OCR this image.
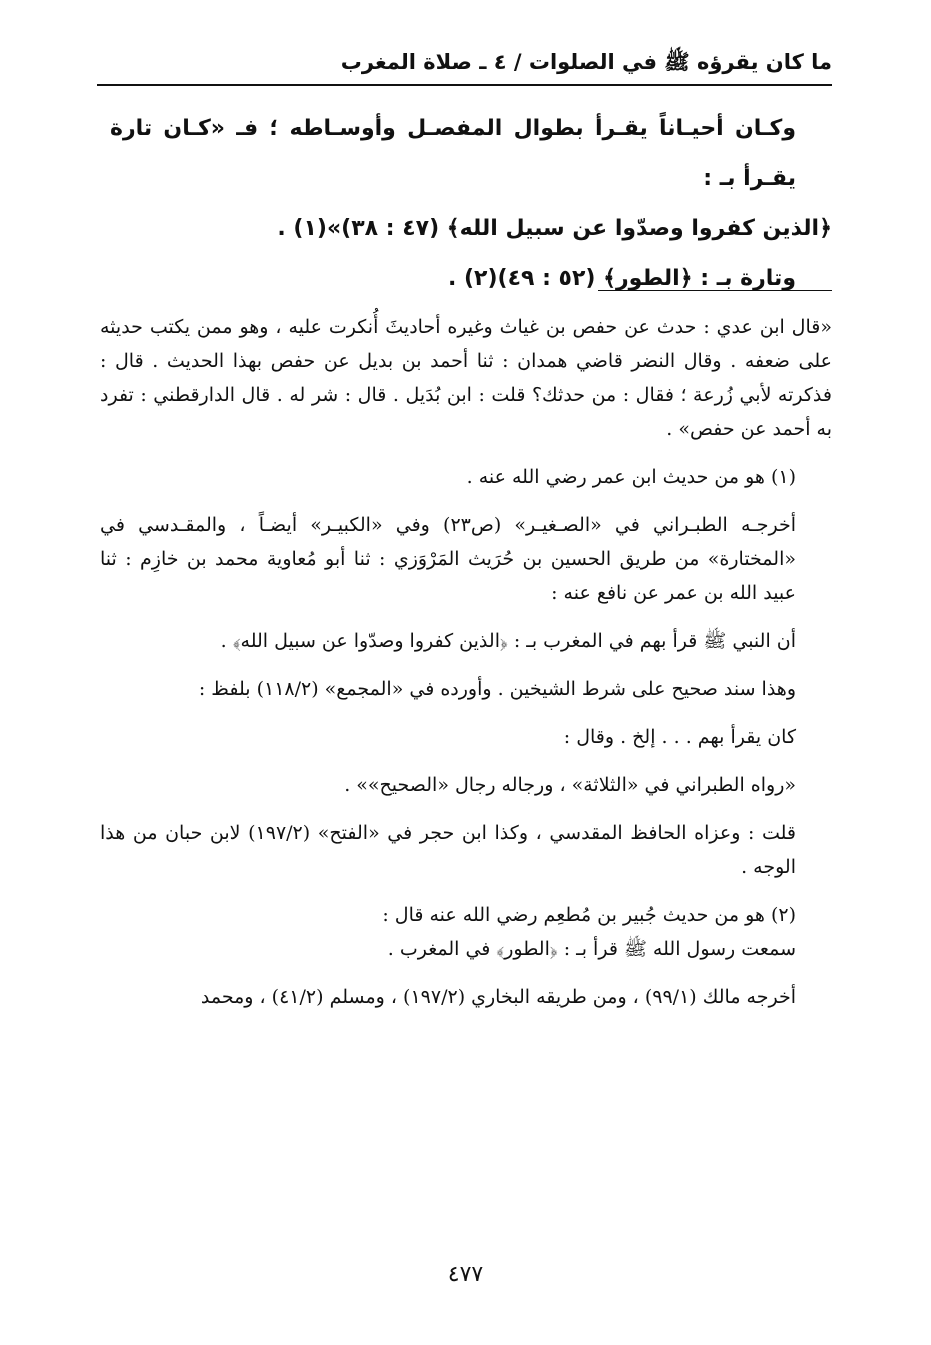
ما كان يقرؤه ﷺ في الصلوات / ٤ ـ صلاة المغرب

وكـان أحيـاناً يقـرأ بطوال المفصـل وأوسـاطه ؛ فـ «كـان تارة يقـرأ بـ :

﴿الذين كفروا وصدّوا عن سبيل الله﴾ (٤٧ : ٣٨)»(١) .

وتارة بـ : ﴿الطور﴾ (٥٢ : ٤٩)(٢) .

«قال ابن عدي : حدث عن حفص بن غياث وغيره أحاديثَ أُنكرت عليه ، وهو ممن يكتب حديثه على ضعفه . وقال النضر قاضي همدان : ثنا أحمد بن بديل عن حفص بهذا الحديث . قال : فذكرته لأبي زُرعة ؛ فقال : من حدثك؟ قلت : ابن بُدَيل . قال : شر له . قال الدارقطني : تفرد به أحمد عن حفص» .

(١) هو من حديث ابن عمر رضي الله عنه .

أخرجـه الطبـراني في «الصـغيـر» (ص٢٣) وفي «الكبيـر» أيضـاً ، والمقـدسي في «المختارة» من طريق الحسين بن حُرَيث المَرْوَزي : ثنا أبو مُعاوية محمد بن خازِم : ثنا عبيد الله بن عمر عن نافع عنه :

أن النبي ﷺ قرأ بهم في المغرب بـ : ﴿الذين كفروا وصدّوا عن سبيل الله﴾ .

وهذا سند صحيح على شرط الشيخين . وأورده في «المجمع» (١١٨/٢) بلفظ :

كان يقرأ بهم . . . إلخ . وقال :

«رواه الطبراني في «الثلاثة» ، ورجاله رجال «الصحيح»» .

قلت : وعزاه الحافظ المقدسي ، وكذا ابن حجر في «الفتح» (١٩٧/٢) لابن حبان من هذا الوجه .

(٢) هو من حديث جُبير بن مُطعِم رضي الله عنه قال :

سمعت رسول الله ﷺ قرأ بـ : ﴿الطور﴾ في المغرب .

أخرجه مالك (٩٩/١) ، ومن طريقه البخاري (١٩٧/٢) ، ومسلم (٤١/٢) ، ومحمد

٤٧٧
